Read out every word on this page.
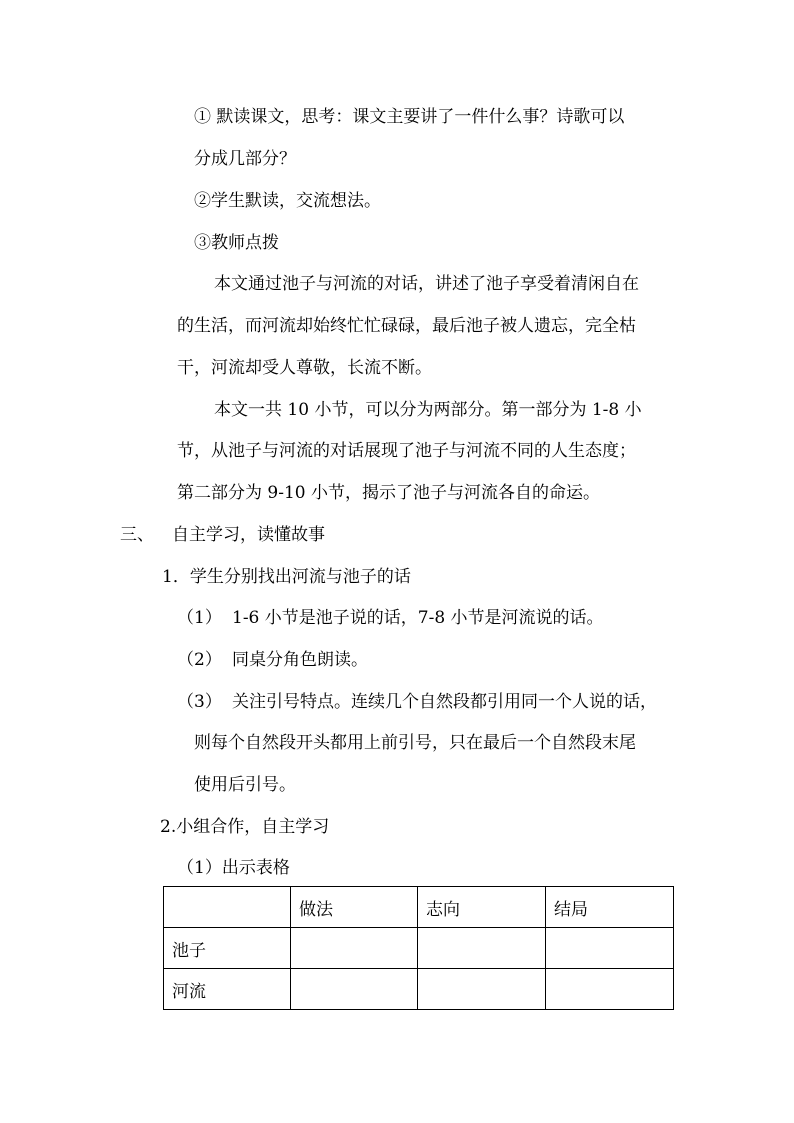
① 默读课文，思考：课文主要讲了一件什么事？诗歌可以
分成几部分？
②学生默读，交流想法。
③教师点拨
本文通过池子与河流的对话，讲述了池子享受着清闲自在
的生活，而河流却始终忙忙碌碌，最后池子被人遗忘，完全枯
干，河流却受人尊敬，长流不断。
本文一共 10 小节，可以分为两部分。第一部分为 1-8 小
节，从池子与河流的对话展现了池子与河流不同的人生态度；
第二部分为 9-10 小节，揭示了池子与河流各自的命运。
三、 自主学习，读懂故事
1．学生分别找出河流与池子的话
（1） 1-6 小节是池子说的话，7-8 小节是河流说的话。
（2） 同桌分角色朗读。
（3） 关注引号特点。连续几个自然段都引用同一个人说的话，
则每个自然段开头都用上前引号，只在最后一个自然段末尾
使用后引号。
2.小组合作，自主学习
（1）出示表格
	做法	志向	结局
池子			
河流			
